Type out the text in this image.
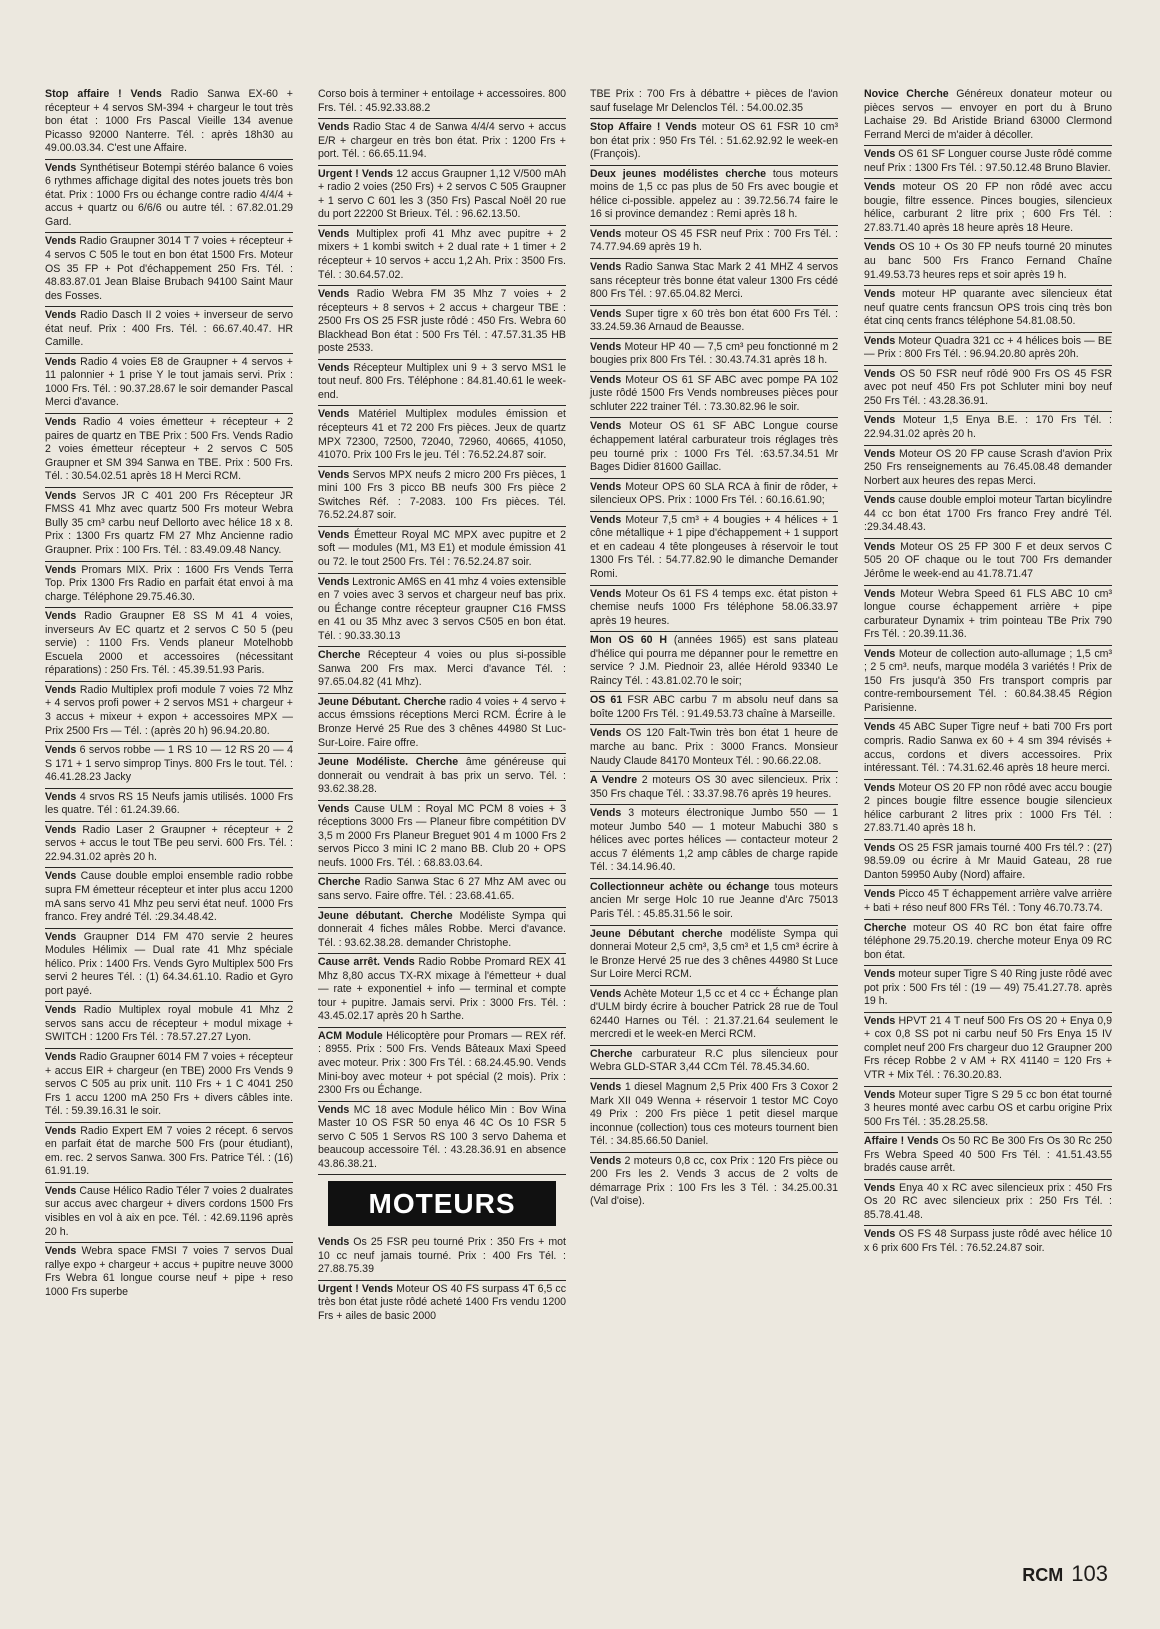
Stop affaire ! Vends Radio Sanwa EX-60 + récepteur + 4 servos SM-394 + chargeur le tout très bon état : 1000 Frs Pascal Vieille 134 avenue Picasso 92000 Nanterre. Tél. : après 18h30 au 49.00.03.34. C'est une Affaire.

Vends Synthétiseur Botempi stéréo balance 6 voies 6 rythmes affichage digital des notes jouets très bon état. Prix : 1000 Frs ou échange contre radio 4/4/4 + accus + quartz ou 6/6/6 ou autre tél. : 67.82.01.29 Gard.

Vends Radio Graupner 3014 T 7 voies + récepteur + 4 servos C 505 le tout en bon état 1500 Frs. Moteur OS 35 FP + Pot d'échappement 250 Frs. Tél. : 48.83.87.01 Jean Blaise Brubach 94100 Saint Maur des Fosses.

Vends Radio Dasch II 2 voies + inverseur de servo état neuf. Prix : 400 Frs. Tél. : 66.67.40.47. HR Camille.

Vends Radio 4 voies E8 de Graupner + 4 servos + 11 palonnier + 1 prise Y le tout jamais servi. Prix : 1000 Frs. Tél. : 90.37.28.67 le soir demander Pascal Merci d'avance.

Vends Radio 4 voies émetteur + récepteur + 2 paires de quartz en TBE Prix : 500 Frs. Vends Radio 2 voies émetteur récepteur + 2 servos C 505 Graupner et SM 394 Sanwa en TBE. Prix : 500 Frs. Tél. : 30.54.02.51 après 18 H Merci RCM.

Vends Servos JR C 401 200 Frs Récepteur JR FMSS 41 Mhz avec quartz 500 Frs moteur Webra Bully 35 cm³ carbu neuf Dellorto avec hélice 18 x 8. Prix : 1300 Frs quartz FM 27 Mhz Ancienne radio Graupner. Prix : 100 Frs. Tél. : 83.49.09.48 Nancy.

Vends Promars MIX. Prix : 1600 Frs Vends Terra Top. Prix 1300 Frs Radio en parfait état envoi à ma charge. Téléphone 29.75.46.30.

Vends Radio Graupner E8 SS M 41 4 voies, inverseurs Av EC quartz et 2 servos C 50 5 (peu servie) : 1100 Frs. Vends planeur Motelhobb Escuela 2000 et accessoires (nécessitant réparations) : 250 Frs. Tél. : 45.39.51.93 Paris.

Vends Radio Multiplex profi module 7 voies 72 Mhz + 4 servos profi power + 2 servos MS1 + chargeur + 3 accus + mixeur + expon + accessoires MPX — Prix 2500 Frs — Tél. : (après 20 h) 96.94.20.80.

Vends 6 servos robbe — 1 RS 10 — 12 RS 20 — 4 S 171 + 1 servo simprop Tinys. 800 Frs le tout. Tél. : 46.41.28.23 Jacky

Vends 4 srvos RS 15 Neufs jamis utilisés. 1000 Frs les quatre. Tél : 61.24.39.66.

Vends Radio Laser 2 Graupner + récepteur + 2 servos + accus le tout TBe peu servi. 600 Frs. Tél. : 22.94.31.02 après 20 h.

Vends Cause double emploi ensemble radio robbe supra FM émetteur récepteur et inter plus accu 1200 mA sans servo 41 Mhz peu servi état neuf. 1000 Frs franco. Frey andré Tél. :29.34.48.42.

Vends Graupner D14 FM 470 servie 2 heures Modules Hélimix — Dual rate 41 Mhz spéciale hélico. Prix : 1400 Frs. Vends Gyro Multiplex 500 Frs servi 2 heures Tél. : (1) 64.34.61.10. Radio et Gyro port payé.

Vends Radio Multiplex royal mobule 41 Mhz 2 servos sans accu de récepteur + modul mixage + SWITCH : 1200 Frs Tél. : 78.57.27.27 Lyon.

Vends Radio Graupner 6014 FM 7 voies + récepteur + accus EIR + chargeur (en TBE) 2000 Frs Vends 9 servos C 505 au prix unit. 110 Frs + 1 C 4041 250 Frs 1 accu 1200 mA 250 Frs + divers câbles inte. Tél. : 59.39.16.31 le soir.

Vends Radio Expert EM 7 voies 2 récept. 6 servos en parfait état de marche 500 Frs (pour étudiant), em. rec. 2 servos Sanwa. 300 Frs. Patrice Tél. : (16) 61.91.19.

Vends Cause Hélico Radio Téler 7 voies 2 dualrates sur accus avec chargeur + divers cordons 1500 Frs visibles en vol à aix en pce. Tél. : 42.69.1196 après 20 h.

Vends Webra space FMSI 7 voies 7 servos Dual rallye expo + chargeur + accus + pupitre neuve 3000 Frs Webra 61 longue course neuf + pipe + reso 1000 Frs superbe

Corso bois à terminer + entoilage + accessoires. 800 Frs. Tél. : 45.92.33.88.2

Vends Radio Stac 4 de Sanwa 4/4/4 servo + accus E/R + chargeur en très bon état. Prix : 1200 Frs + port. Tél. : 66.65.11.94.

Urgent ! Vends 12 accus Graupner 1,12 V/500 mAh + radio 2 voies (250 Frs) + 2 servos C 505 Graupner + 1 servo C 601 les 3 (350 Frs) Pascal Noël 20 rue du port 22200 St Brieux. Tél. : 96.62.13.50.

Vends Multiplex profi 41 Mhz avec pupitre + 2 mixers + 1 kombi switch + 2 dual rate + 1 timer + 2 récepteur + 10 servos + accu 1,2 Ah. Prix : 3500 Frs. Tél. : 30.64.57.02.

Vends Radio Webra FM 35 Mhz 7 voies + 2 récepteurs + 8 servos + 2 accus + chargeur TBE : 2500 Frs OS 25 FSR juste rôdé : 450 Frs. Webra 60 Blackhead Bon état : 500 Frs Tél. : 47.57.31.35 HB poste 2533.

Vends Récepteur Multiplex uni 9 + 3 servo MS1 le tout neuf. 800 Frs. Téléphone : 84.81.40.61 le week-end.

Vends Matériel Multiplex modules émission et récepteurs 41 et 72 200 Frs pièces. Jeux de quartz MPX 72300, 72500, 72040, 72960, 40665, 41050, 41070. Prix 100 Frs le jeu. Tél : 76.52.24.87 soir.

Vends Servos MPX neufs 2 micro 200 Frs pièces, 1 mini 100 Frs 3 picco BB neufs 300 Frs pièce 2 Switches Réf. : 7-2083. 100 Frs pièces. Tél. 76.52.24.87 soir.

Vends Émetteur Royal MC MPX avec pupitre et 2 soft — modules (M1, M3 E1) et module émission 41 ou 72. le tout 2500 Frs. Tél : 76.52.24.87 soir.

Vends Lextronic AM6S en 41 mhz 4 voies extensible en 7 voies avec 3 servos et chargeur neuf bas prix. ou Échange contre récepteur graupner C16 FMSS en 41 ou 35 Mhz avec 3 servos C505 en bon état. Tél. : 90.33.30.13

Cherche Récepteur 4 voies ou plus si-possible Sanwa 200 Frs max. Merci d'avance Tél. : 97.65.04.82 (41 Mhz).

Jeune Débutant. Cherche radio 4 voies + 4 servo + accus émssions réceptions Merci RCM. Écrire à le Bronze Hervé 25 Rue des 3 chênes 44980 St Luc-Sur-Loire. Faire offre.

Jeune Modéliste. Cherche âme généreuse qui donnerait ou vendrait à bas prix un servo. Tél. : 93.62.38.28.

Vends Cause ULM : Royal MC PCM 8 voies + 3 réceptions 3000 Frs — Planeur fibre compétition DV 3,5 m 2000 Frs Planeur Breguet 901 4 m 1000 Frs 2 servos Picco 3 mini IC 2 mano BB. Club 20 + OPS neufs. 1000 Frs. Tél. : 68.83.03.64.

Cherche Radio Sanwa Stac 6 27 Mhz AM avec ou sans servo. Faire offre. Tél. : 23.68.41.65.

Jeune débutant. Cherche Modéliste Sympa qui donnerait 4 fiches mâles Robbe. Merci d'avance. Tél. : 93.62.38.28. demander Christophe.

Cause arrêt. Vends Radio Robbe Promard REX 41 Mhz 8,80 accus TX-RX mixage à l'émetteur + dual — rate + exponentiel + info — terminal et compte tour + pupitre. Jamais servi. Prix : 3000 Frs. Tél. : 43.45.02.17 après 20 h Sarthe.

ACM Module Hélicoptère pour Promars — REX réf. : 8955. Prix : 500 Frs. Vends Bâteaux Maxi Speed avec moteur. Prix : 300 Frs Tél. : 68.24.45.90. Vends Mini-boy avec moteur + pot spécial (2 mois). Prix : 2300 Frs ou Échange.

Vends MC 18 avec Module hélico Min : Bov Wina Master 10 OS FSR 50 enya 46 4C Os 10 FSR 5 servo C 505 1 Servos RS 100 3 servo Dahema et beaucoup accessoire Tél. : 43.28.36.91 en absence 43.86.38.21.

MOTEURS

Vends Os 25 FSR peu tourné Prix : 350 Frs + mot 10 cc neuf jamais tourné. Prix : 400 Frs Tél. : 27.88.75.39

Urgent ! Vends Moteur OS 40 FS surpass 4T 6,5 cc très bon état juste rôdé acheté 1400 Frs vendu 1200 Frs + ailes de basic 2000

TBE Prix : 700 Frs à débattre + pièces de l'avion sauf fuselage Mr Delenclos Tél. : 54.00.02.35

Stop Affaire ! Vends moteur OS 61 FSR 10 cm³ bon état prix : 950 Frs Tél. : 51.62.92.92 le week-en (François).

Deux jeunes modélistes cherche tous moteurs moins de 1,5 cc pas plus de 50 Frs avec bougie et hélice ci-possible. appelez au : 39.72.56.74 faire le 16 si province demandez : Remi après 18 h.

Vends moteur OS 45 FSR neuf Prix : 700 Frs Tél. : 74.77.94.69 après 19 h.

Vends Radio Sanwa Stac Mark 2 41 MHZ 4 servos sans récepteur très bonne état valeur 1300 Frs cédé 800 Frs Tél. : 97.65.04.82 Merci.

Vends Super tigre x 60 très bon état 600 Frs Tél. : 33.24.59.36 Arnaud de Beausse.

Vends Moteur HP 40 — 7,5 cm³ peu fonctionné m 2 bougies prix 800 Frs Tél. : 30.43.74.31 après 18 h.

Vends Moteur OS 61 SF ABC avec pompe PA 102 juste rôdé 1500 Frs Vends nombreuses pièces pour schluter 222 trainer Tél. : 73.30.82.96 le soir.

Vends Moteur OS 61 SF ABC Longue course échappement latéral carburateur trois réglages très peu tourné prix : 1000 Frs Tél. :63.57.34.51 Mr Bages Didier 81600 Gaillac.

Vends Moteur OPS 60 SLA RCA à finir de rôder, + silencieux OPS. Prix : 1000 Frs Tél. : 60.16.61.90;

Vends Moteur 7,5 cm³ + 4 bougies + 4 hélices + 1 cône métallique + 1 pipe d'échappement + 1 support et en cadeau 4 tête plongeuses à réservoir le tout 1300 Frs Tél. : 54.77.82.90 le dimanche Demander Romi.

Vends Moteur Os 61 FS 4 temps exc. état piston + chemise neufs 1000 Frs téléphone 58.06.33.97 après 19 heures.

Mon OS 60 H (années 1965) est sans plateau d'hélice qui pourra me dépanner pour le remettre en service ? J.M. Piednoir 23, allée Hérold 93340 Le Raincy Tél. : 43.81.02.70 le soir;

OS 61 FSR ABC carbu 7 m absolu neuf dans sa boîte 1200 Frs Tél. : 91.49.53.73 chaîne à Marseille.

Vends OS 120 Falt-Twin très bon état 1 heure de marche au banc. Prix : 3000 Francs. Monsieur Naudy Claude 84170 Monteux Tél. : 90.66.22.08.

A Vendre 2 moteurs OS 30 avec silencieux. Prix : 350 Frs chaque Tél. : 33.37.98.76 après 19 heures.

Vends 3 moteurs électronique Jumbo 550 — 1 moteur Jumbo 540 — 1 moteur Mabuchi 380 s hélices avec portes hélices — contacteur moteur 2 accus 7 éléments 1,2 amp câbles de charge rapide Tél. : 34.14.96.40.

Collectionneur achète ou échange tous moteurs ancien Mr serge Holc 10 rue Jeanne d'Arc 75013 Paris Tél. : 45.85.31.56 le soir.

Jeune Débutant cherche modéliste Sympa qui donnerai Moteur 2,5 cm³, 3,5 cm³ et 1,5 cm³ écrire à le Bronze Hervé 25 rue des 3 chênes 44980 St Luce Sur Loire Merci RCM.

Vends Achète Moteur 1,5 cc et 4 cc + Échange plan d'ULM birdy écrire à boucher Patrick 28 rue de Toul 62440 Harnes ou Tél. : 21.37.21.64 seulement le mercredi et le week-en Merci RCM.

Cherche carburateur R.C plus silencieux pour Webra GLD-STAR 3,44 CCm Tél. 78.45.34.60.

Vends 1 diesel Magnum 2,5 Prix 400 Frs 3 Coxor 2 Mark XII 049 Wenna + réservoir 1 testor MC Coyo 49 Prix : 200 Frs pièce 1 petit diesel marque inconnue (collection) tous ces moteurs tournent bien Tél. : 34.85.66.50 Daniel.

Vends 2 moteurs 0,8 cc, cox Prix : 120 Frs pièce ou 200 Frs les 2. Vends 3 accus de 2 volts de démarrage Prix : 100 Frs les 3 Tél. : 34.25.00.31 (Val d'oise).

Novice Cherche Généreux donateur moteur ou pièces servos — envoyer en port du à Bruno Lachaise 29. Bd Aristide Briand 63000 Clermond Ferrand Merci de m'aider à décoller.

Vends OS 61 SF Longuer course Juste rôdé comme neuf Prix : 1300 Frs Tél. : 97.50.12.48 Bruno Blavier.

Vends moteur OS 20 FP non rôdé avec accu bougie, filtre essence. Pinces bougies, silencieux hélice, carburant 2 litre prix ; 600 Frs Tél. : 27.83.71.40 après 18 heure après 18 Heure.

Vends OS 10 + Os 30 FP neufs tourné 20 minutes au banc 500 Frs Franco Fernand Chaîne 91.49.53.73 heures reps et soir après 19 h.

Vends moteur HP quarante avec silencieux état neuf quatre cents francsun OPS trois cinq très bon état cinq cents francs téléphone 54.81.08.50.

Vends Moteur Quadra 321 cc + 4 hélices bois — BE — Prix : 800 Frs Tél. : 96.94.20.80 après 20h.

Vends OS 50 FSR neuf rôdé 900 Frs OS 45 FSR avec pot neuf 450 Frs pot Schluter mini boy neuf 250 Frs Tél. : 43.28.36.91.

Vends Moteur 1,5 Enya B.E. : 170 Frs Tél. : 22.94.31.02 après 20 h.

Vends Moteur OS 20 FP cause Scrash d'avion Prix 250 Frs renseignements au 76.45.08.48 demander Norbert aux heures des repas Merci.

Vends cause double emploi moteur Tartan bicylindre 44 cc bon état 1700 Frs franco Frey andré Tél. :29.34.48.43.

Vends Moteur OS 25 FP 300 F et deux servos C 505 20 OF chaque ou le tout 700 Frs demander Jérôme le week-end au 41.78.71.47

Vends Moteur Webra Speed 61 FLS ABC 10 cm³ longue course échappement arrière + pipe carburateur Dynamix + trim pointeau TBe Prix 790 Frs Tél. : 20.39.11.36.

Vends Moteur de collection auto-allumage ; 1,5 cm³ ; 2 5 cm³. neufs, marque modéla 3 variétés ! Prix de 150 Frs jusqu'à 350 Frs transport compris par contre-remboursement Tél. : 60.84.38.45 Région Parisienne.

Vends 45 ABC Super Tigre neuf + bati 700 Frs port compris. Radio Sanwa ex 60 + 4 sm 394 révisés + accus, cordons et divers accessoires. Prix intéressant. Tél. : 74.31.62.46 après 18 heure merci.

Vends Moteur OS 20 FP non rôdé avec accu bougie 2 pinces bougie filtre essence bougie silencieux hélice carburant 2 litres prix : 1000 Frs Tél. : 27.83.71.40 après 18 h.

Vends OS 25 FSR jamais tourné 400 Frs tél.? : (27) 98.59.09 ou écrire à Mr Mauid Gateau, 28 rue Danton 59950 Auby (Nord) affaire.

Vends Picco 45 T échappement arrière valve arrière + bati + réso neuf 800 FRs Tél. : Tony 46.70.73.74.

Cherche moteur OS 40 RC bon état faire offre téléphone 29.75.20.19. cherche moteur Enya 09 RC bon état.

Vends moteur super Tigre S 40 Ring juste rôdé avec pot prix : 500 Frs tél : (19 — 49) 75.41.27.78. après 19 h.

Vends HPVT 21 4 T neuf 500 Frs OS 20 + Enya 0,9 + cox 0,8 SS pot ni carbu neuf 50 Frs Enya 15 IV complet neuf 200 Frs chargeur duo 12 Graupner 200 Frs récep Robbe 2 v AM + RX 41140 = 120 Frs + VTR + Mix Tél. : 76.30.20.83.

Vends Moteur super Tigre S 29 5 cc bon état tourné 3 heures monté avec carbu OS et carbu origine Prix 500 Frs Tél. : 35.28.25.58.

Affaire ! Vends Os 50 RC Be 300 Frs Os 30 Rc 250 Frs Webra Speed 40 500 Frs Tél. : 41.51.43.55 bradés cause arrêt.

Vends Enya 40 x RC avec silencieux prix : 450 Frs Os 20 RC avec silencieux prix : 250 Frs Tél. : 85.78.41.48.

Vends OS FS 48 Surpass juste rôdé avec hélice 10 x 6 prix 600 Frs Tél. : 76.52.24.87 soir.

RCM 103
